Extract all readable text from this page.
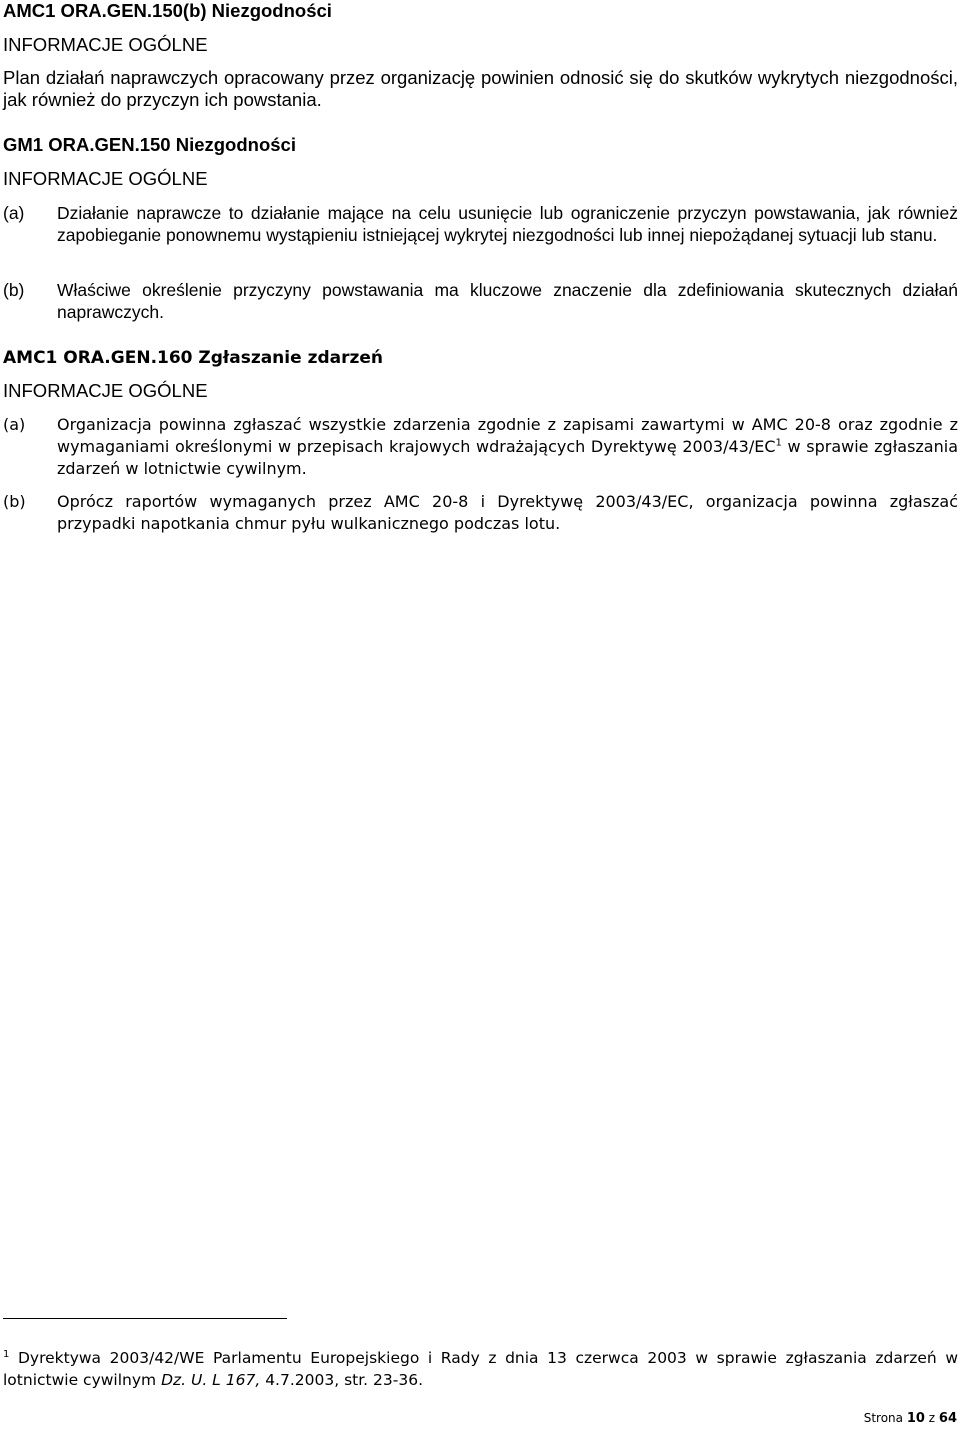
AMC1 ORA.GEN.150(b) Niezgodności
INFORMACJE OGÓLNE
Plan działań naprawczych opracowany przez organizację powinien odnosić się do skutków wykrytych niezgodności, jak również do przyczyn ich powstania.
GM1 ORA.GEN.150 Niezgodności
INFORMACJE OGÓLNE
(a)	Działanie naprawcze to działanie mające na celu usunięcie lub ograniczenie przyczyn powstawania, jak również zapobieganie ponownemu wystąpieniu istniejącej wykrytej niezgodności lub innej niepożądanej sytuacji lub stanu.
(b)	Właściwe określenie przyczyny powstawania ma kluczowe znaczenie dla zdefiniowania skutecznych działań naprawczych.
AMC1 ORA.GEN.160 Zgłaszanie zdarzeń
INFORMACJE OGÓLNE
(a)	Organizacja powinna zgłaszać wszystkie zdarzenia zgodnie z zapisami zawartymi w AMC 20-8 oraz zgodnie z wymaganiami określonymi w przepisach krajowych wdrażających Dyrektywę $2003/43/EC^1$ w sprawie zgłaszania zdarzeń w lotnictwie cywilnym.
(b)	Oprócz raportów wymaganych przez AMC 20-8 i Dyrektywę 2003/43/EC, organizacja powinna zgłaszać przypadki napotkania chmur pyłu wulkanicznego podczas lotu.
$^1$ Dyrektywa 2003/42/WE Parlamentu Europejskiego i Rady z dnia 13 czerwca 2003 w sprawie zgłaszania zdarzeń w lotnictwie cywilnym Dz. U. L 167, 4.7.2003, str. 23-36.
Strona 10 z 64
